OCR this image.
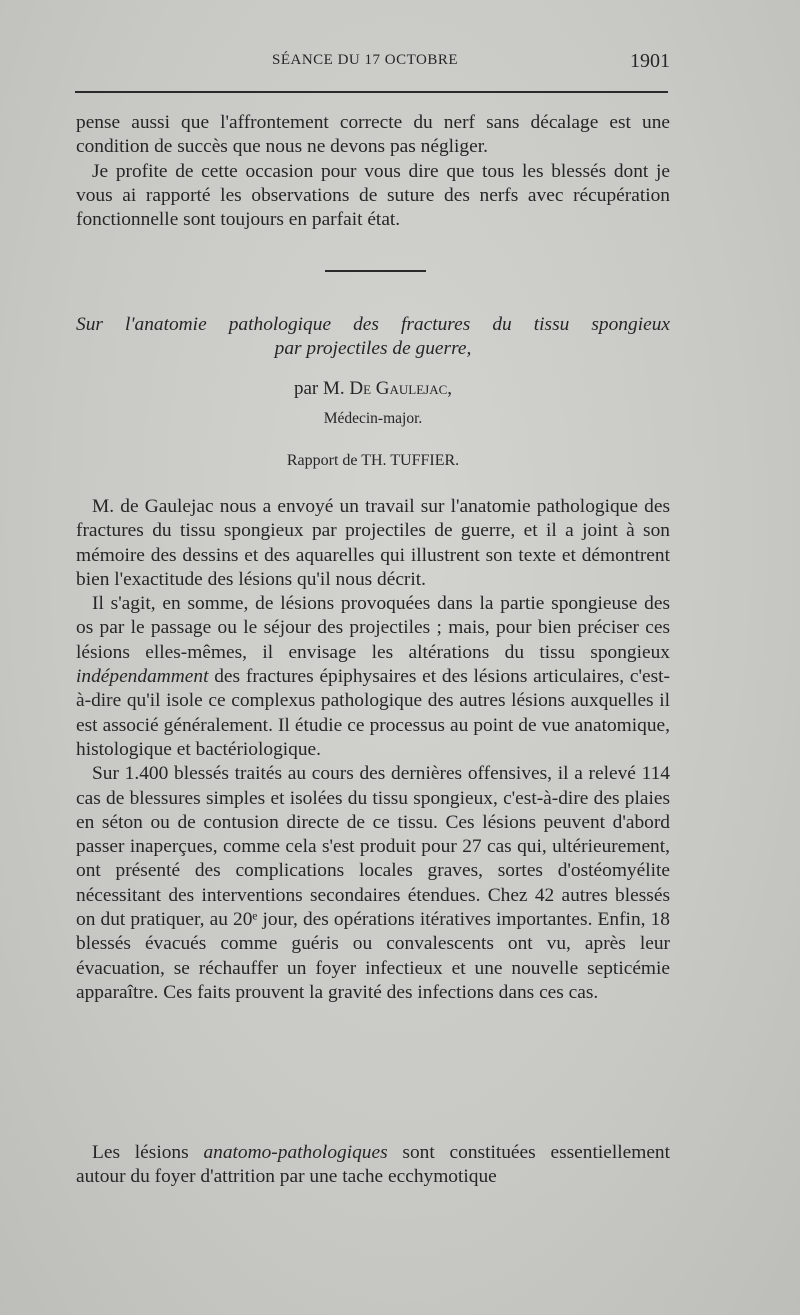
SÉANCE DU 17 OCTOBRE	1901

pense aussi que l'affrontement correcte du nerf sans décalage est une condition de succès que nous ne devons pas négliger.

Je profite de cette occasion pour vous dire que tous les blessés dont je vous ai rapporté les observations de suture des nerfs avec récupération fonctionnelle sont toujours en parfait état.

Sur l'anatomie pathologique des fractures du tissu spongieux
par projectiles de guerre,
par M. De Gaulejac,
Médecin-major.
Rapport de TH. TUFFIER.

M. de Gaulejac nous a envoyé un travail sur l'anatomie pathologique des fractures du tissu spongieux par projectiles de guerre, et il a joint à son mémoire des dessins et des aquarelles qui illustrent son texte et démontrent bien l'exactitude des lésions qu'il nous décrit.

Il s'agit, en somme, de lésions provoquées dans la partie spongieuse des os par le passage ou le séjour des projectiles ; mais, pour bien préciser ces lésions elles-mêmes, il envisage les altérations du tissu spongieux indépendamment des fractures épiphysaires et des lésions articulaires, c'est-à-dire qu'il isole ce complexus pathologique des autres lésions auxquelles il est associé généralement. Il étudie ce processus au point de vue anatomique, histologique et bactériologique.

Sur 1.400 blessés traités au cours des dernières offensives, il a relevé 114 cas de blessures simples et isolées du tissu spongieux, c'est-à-dire des plaies en séton ou de contusion directe de ce tissu. Ces lésions peuvent d'abord passer inaperçues, comme cela s'est produit pour 27 cas qui, ultérieurement, ont présenté des complications locales graves, sortes d'ostéomyélite nécessitant des interventions secondaires étendues. Chez 42 autres blessés on dut pratiquer, au 20ᵉ jour, des opérations itératives importantes. Enfin, 18 blessés évacués comme guéris ou convalescents ont vu, après leur évacuation, se réchauffer un foyer infectieux et une nouvelle septicémie apparaître. Ces faits prouvent la gravité des infections dans ces cas.

Les lésions anatomo-pathologiques sont constituées essentiellement autour du foyer d'attrition par une tache ecchymotique
